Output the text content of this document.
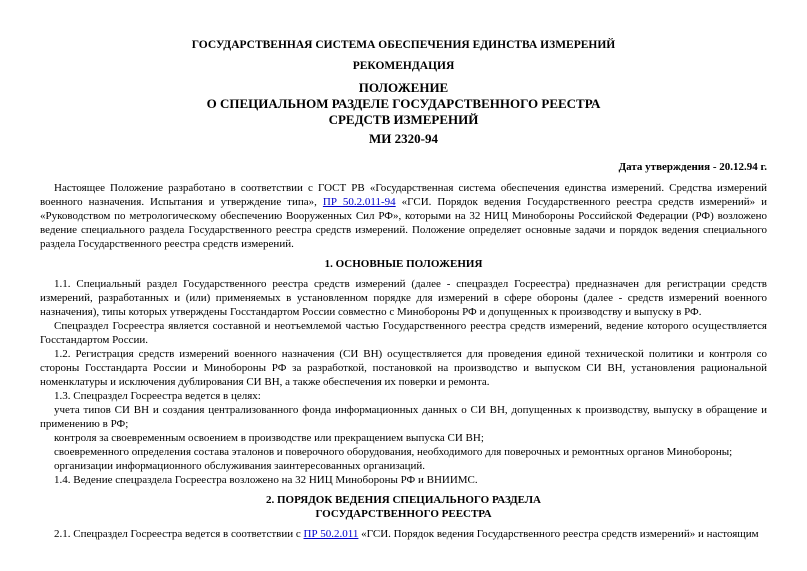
ГОСУДАРСТВЕННАЯ СИСТЕМА ОБЕСПЕЧЕНИЯ ЕДИНСТВА ИЗМЕРЕНИЙ
РЕКОМЕНДАЦИЯ
ПОЛОЖЕНИЕ
О СПЕЦИАЛЬНОМ РАЗДЕЛЕ ГОСУДАРСТВЕННОГО РЕЕСТРА
СРЕДСТВ ИЗМЕРЕНИЙ
МИ 2320-94
Дата утверждения - 20.12.94 г.

Настоящее Положение разработано в соответствии с ГОСТ РВ «Государственная система обеспечения единства измерений. Средства измерений военного назначения. Испытания и утверждение типа», ПР 50.2.011-94 «ГСИ. Порядок ведения Государственного реестра средств измерений» и «Руководством по метрологическому обеспечению Вооруженных Сил РФ», которыми на 32 НИЦ Минобороны Российской Федерации (РФ) возложено ведение специального раздела Государственного реестра средств измерений. Положение определяет основные задачи и порядок ведения специального раздела Государственного реестра средств измерений.

1. ОСНОВНЫЕ ПОЛОЖЕНИЯ

1.1. Специальный раздел Государственного реестра средств измерений (далее - спецраздел Госреестра) предназначен для регистрации средств измерений, разработанных и (или) применяемых в установленном порядке для измерений в сфере обороны (далее - средств измерений военного назначения), типы которых утверждены Госстандартом России совместно с Минобороны РФ и допущенных к производству и выпуску в РФ.

Спецраздел Госреестра является составной и неотъемлемой частью Государственного реестра средств измерений, ведение которого осуществляется Госстандартом России.

1.2. Регистрация средств измерений военного назначения (СИ ВН) осуществляется для проведения единой технической политики и контроля со стороны Госстандарта России и Минобороны РФ за разработкой, постановкой на производство и выпуском СИ ВН, установления рациональной номенклатуры и исключения дублирования СИ ВН, а также обеспечения их поверки и ремонта.

1.3. Спецраздел Госреестра ведется в целях:

учета типов СИ ВН и создания централизованного фонда информационных данных о СИ ВН, допущенных к производству, выпуску в обращение и применению в РФ;

контроля за своевременным освоением в производстве или прекращением выпуска СИ ВН;

своевременного определения состава эталонов и поверочного оборудования, необходимого для поверочных и ремонтных органов Минобороны;

организации информационного обслуживания заинтересованных организаций.

1.4. Ведение спецраздела Госреестра возложено на 32 НИЦ Минобороны РФ и ВНИИМС.

2. ПОРЯДОК ВЕДЕНИЯ СПЕЦИАЛЬНОГО РАЗДЕЛА
ГОСУДАРСТВЕННОГО РЕЕСТРА

2.1. Спецраздел Госреестра ведется в соответствии с ПР 50.2.011 «ГСИ. Порядок ведения Государственного реестра средств измерений» и настоящим
